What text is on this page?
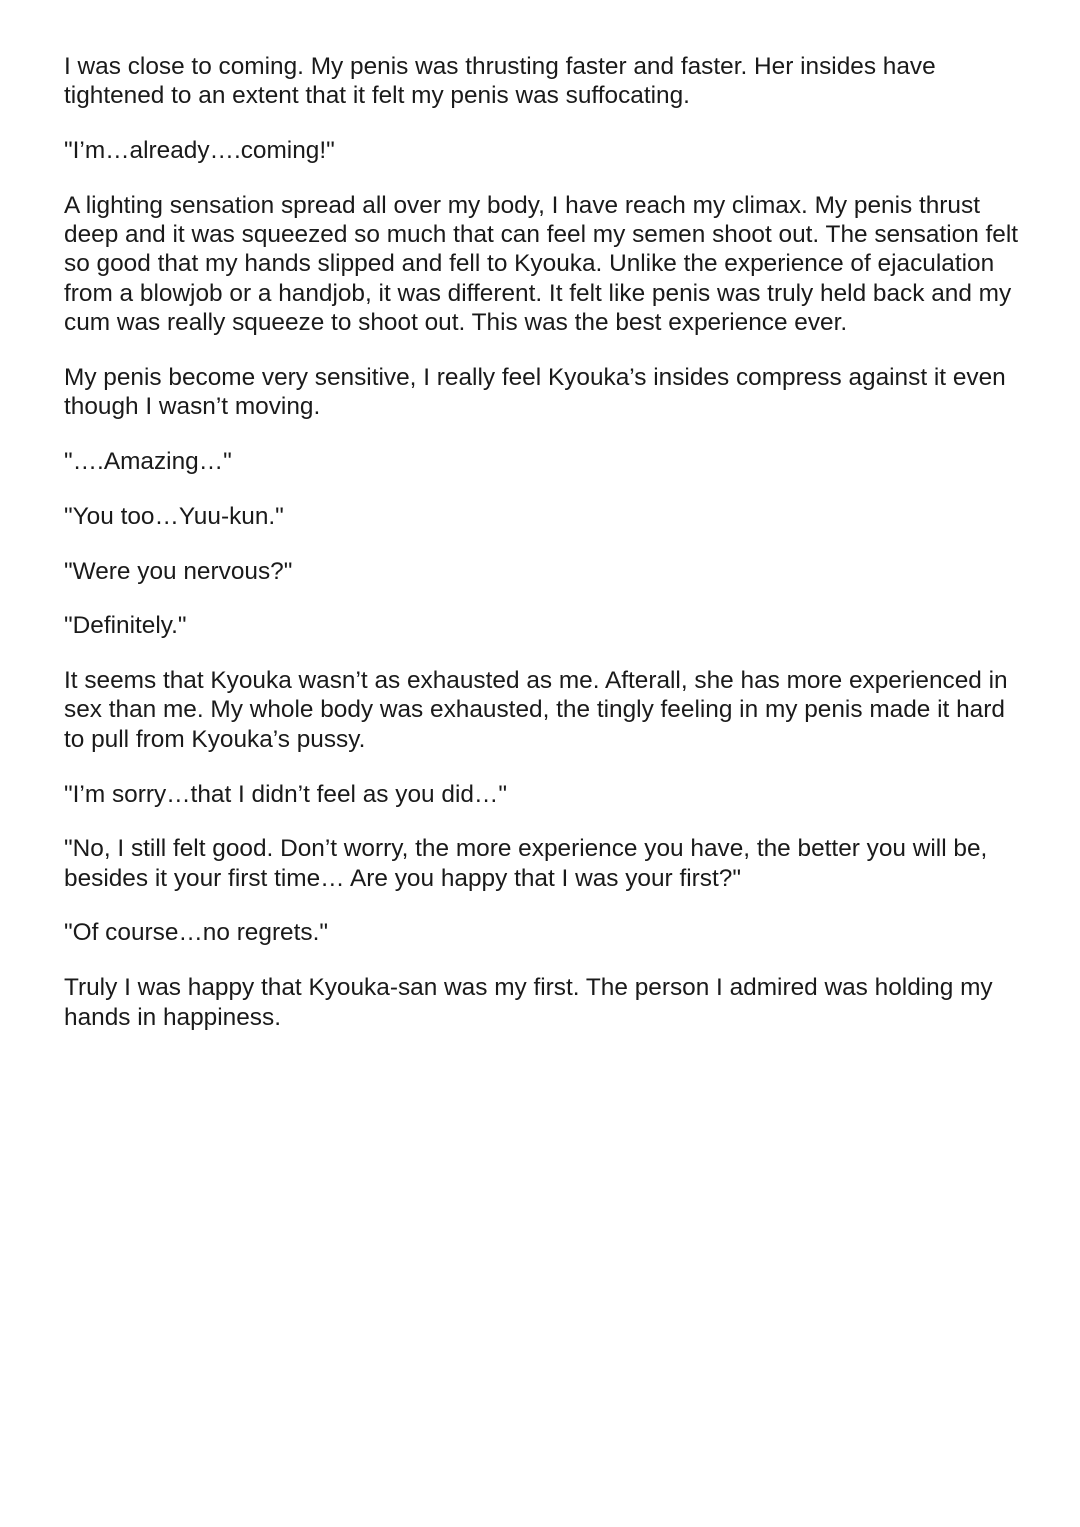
I was close to coming. My penis was thrusting faster and faster. Her insides have tightened to an extent that it felt my penis was suffocating.

"I’m…already….coming!"

A lighting sensation spread all over my body, I have reach my climax. My penis thrust deep and it was squeezed so much that can feel my semen shoot out. The sensation felt so good that my hands slipped and fell to Kyouka. Unlike the experience of ejaculation from a blowjob or a handjob, it was different. It felt like penis was truly held back and my cum was really squeeze to shoot out. This was the best experience ever.

My penis become very sensitive, I really feel Kyouka’s insides compress against it even though I wasn’t moving.

"….Amazing…"

"You too…Yuu-kun."

"Were you nervous?"

"Definitely."

It seems that Kyouka wasn’t as exhausted as me. Afterall, she has more experienced in sex than me. My whole body was exhausted, the tingly feeling in my penis made it hard to pull from Kyouka’s pussy.

"I’m sorry…that I didn’t feel as you did…"

"No, I still felt good. Don’t worry, the more experience you have, the better you will be, besides it your first time… Are you happy that I was your first?"

"Of course…no regrets."

Truly I was happy that Kyouka-san was my first. The person I admired was holding my hands in happiness.
